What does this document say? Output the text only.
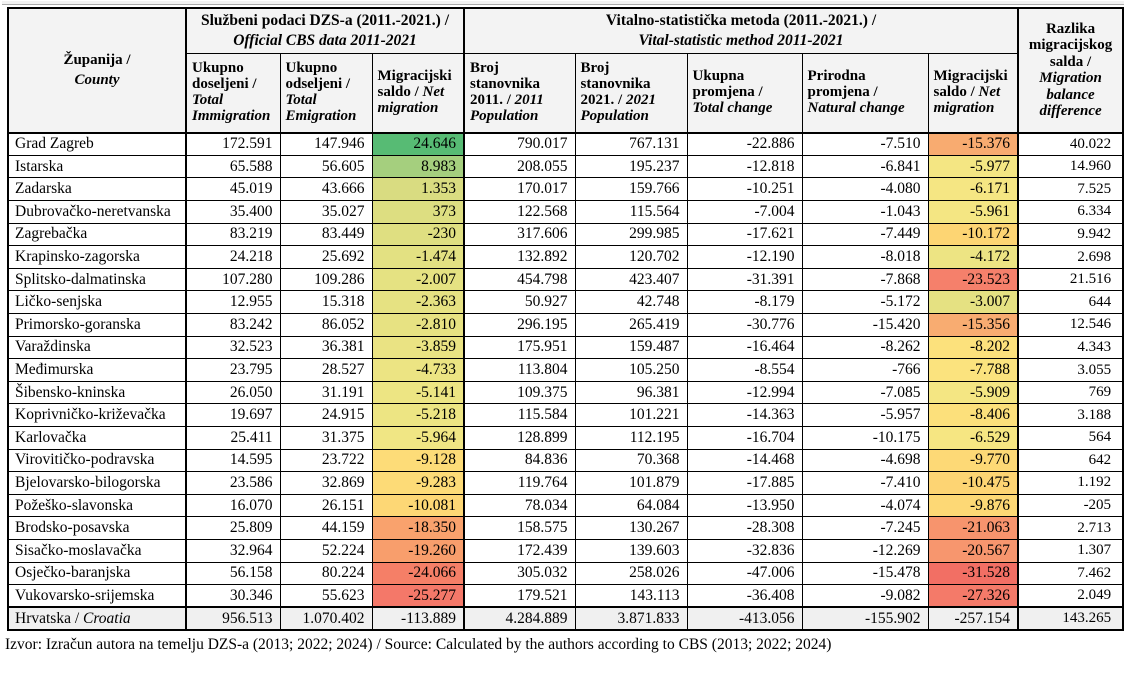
Županija /
County	Službeni podaci DZS-a (2011.-2021.) /
Official CBS data 2011-2021			Vitalno-statistička metoda (2011.-2021.) /
Vital-statistic method 2011-2021					Razlika migracijskog salda / Migration balance difference
	Ukupno doseljeni / Total Immigration	Ukupno odseljeni / Total Emigration	Migracijski saldo / Net migration	Broj stanovnika 2011. / 2011 Population	Broj stanovnika 2021. / 2021 Population	Ukupna promjena / Total change	Prirodna promjena / Natural change	Migracijski saldo / Net migration	
Grad Zagreb	172.591	147.946	24.646	790.017	767.131	-22.886	-7.510	-15.376	40.022
Istarska	65.588	56.605	8.983	208.055	195.237	-12.818	-6.841	-5.977	14.960
Zadarska	45.019	43.666	1.353	170.017	159.766	-10.251	-4.080	-6.171	7.525
Dubrovačko-neretvanska	35.400	35.027	373	122.568	115.564	-7.004	-1.043	-5.961	6.334
Zagrebačka	83.219	83.449	-230	317.606	299.985	-17.621	-7.449	-10.172	9.942
Krapinsko-zagorska	24.218	25.692	-1.474	132.892	120.702	-12.190	-8.018	-4.172	2.698
Splitsko-dalmatinska	107.280	109.286	-2.007	454.798	423.407	-31.391	-7.868	-23.523	21.516
Ličko-senjska	12.955	15.318	-2.363	50.927	42.748	-8.179	-5.172	-3.007	644
Primorsko-goranska	83.242	86.052	-2.810	296.195	265.419	-30.776	-15.420	-15.356	12.546
Varaždinska	32.523	36.381	-3.859	175.951	159.487	-16.464	-8.262	-8.202	4.343
Međimurska	23.795	28.527	-4.733	113.804	105.250	-8.554	-766	-7.788	3.055
Šibensko-kninska	26.050	31.191	-5.141	109.375	96.381	-12.994	-7.085	-5.909	769
Koprivničko-križevačka	19.697	24.915	-5.218	115.584	101.221	-14.363	-5.957	-8.406	3.188
Karlovačka	25.411	31.375	-5.964	128.899	112.195	-16.704	-10.175	-6.529	564
Virovitičko-podravska	14.595	23.722	-9.128	84.836	70.368	-14.468	-4.698	-9.770	642
Bjelovarsko-bilogorska	23.586	32.869	-9.283	119.764	101.879	-17.885	-7.410	-10.475	1.192
Požeško-slavonska	16.070	26.151	-10.081	78.034	64.084	-13.950	-4.074	-9.876	-205
Brodsko-posavska	25.809	44.159	-18.350	158.575	130.267	-28.308	-7.245	-21.063	2.713
Sisačko-moslavačka	32.964	52.224	-19.260	172.439	139.603	-32.836	-12.269	-20.567	1.307
Osječko-baranjska	56.158	80.224	-24.066	305.032	258.026	-47.006	-15.478	-31.528	7.462
Vukovarsko-srijemska	30.346	55.623	-25.277	179.521	143.113	-36.408	-9.082	-27.326	2.049
Hrvatska / Croatia	956.513	1.070.402	-113.889	4.284.889	3.871.833	-413.056	-155.902	-257.154	143.265
Izvor: Izračun autora na temelju DZS-a (2013; 2022; 2024) / Source: Calculated by the authors according to CBS (2013; 2022; 2024)
